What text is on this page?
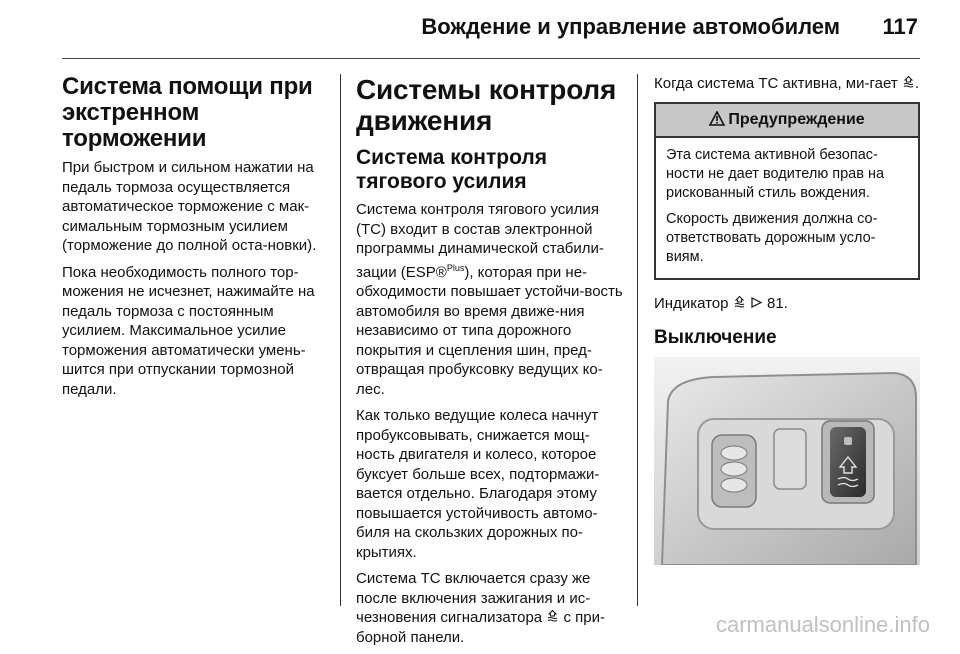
Вождение и управление автомобилем 117
Система помощи при экстренном торможении

При быстром и сильном нажатии на педаль тормоза осуществляется автоматическое торможение с мак-симальным тормозным усилием (торможение до полной оста-новки).

Пока необходимость полного тор-можения не исчезнет, нажимайте на педаль тормоза с постоянным усилием. Максимальное усилие торможения автоматически умень-шится при отпускании тормозной педали.

Системы контроля движения
Система контроля тягового усилия

Система контроля тягового усилия (TC) входит в состав электронной программы динамической стабили-зации (ESP®$^{Plus}$), которая при не-обходимости повышает устойчи-вость автомобиля во время движе-ния независимо от типа дорожного покрытия и сцепления шин, пред-отвращая пробуксовку ведущих ко-лес.

Как только ведущие колеса начнут пробуксовывать, снижается мощ-ность двигателя и колесо, которое буксует больше всех, подтормажи-вается отдельно. Благодаря этому повышается устойчивость автомо-биля на скользких дорожных по-крытиях.

Система TC включается сразу же после включения зажигания и ис-чезновения сигнализатора  с при-борной панели.

Когда система TC активна, ми-гает .

Предупреждение

Эта система активной безопас-ности не дает водителю прав на рискованный стиль вождения.

Скорость движения должна со-ответствовать дорожным усло-виям.

Индикатор   81.

Выключение
carmanualsonline.info
